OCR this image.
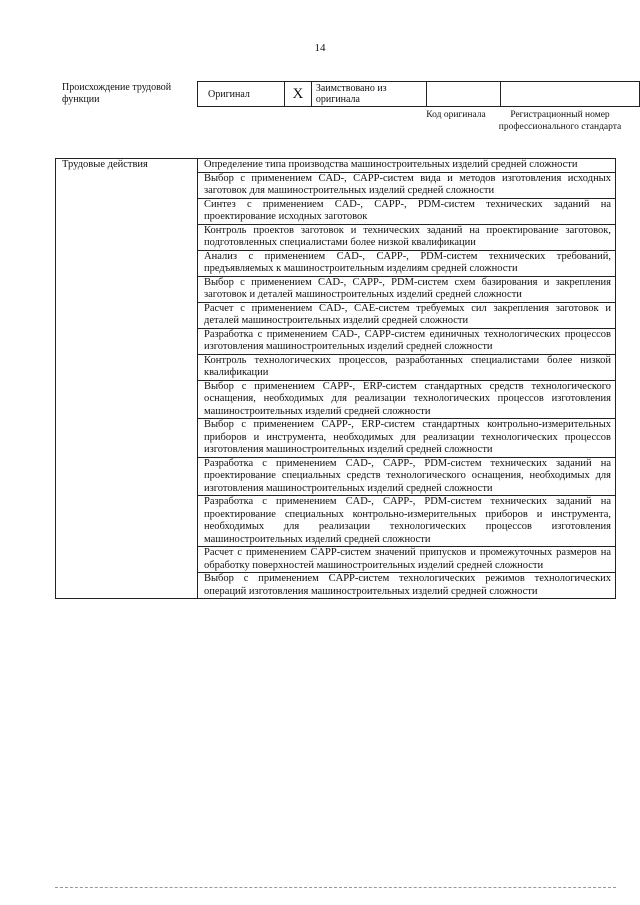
14
Происхождение трудовой функции	Оригинал	X	Заимствовано из оригинала		
Код оригинала	Регистрационный номер профессионального стандарта
Трудовые действия	Определение типа производства машиностроительных изделий средней сложности
Выбор с применением CAD-, CAPP-систем вида и методов изготовления исходных заготовок для машиностроительных изделий средней сложности
Синтез с применением CAD-, CAPP-, PDM-систем технических заданий на проектирование исходных заготовок
Контроль проектов заготовок и технических заданий на проектирование заготовок, подготовленных специалистами более низкой квалификации
Анализ с применением CAD-, CAPP-, PDM-систем технических требований, предъявляемых к машиностроительным изделиям средней сложности
Выбор с применением CAD-, CAPP-, PDM-систем схем базирования и закрепления заготовок и деталей машиностроительных изделий средней сложности
Расчет с применением CAD-, CAE-систем требуемых сил закрепления заготовок и деталей машиностроительных изделий средней сложности
Разработка с применением CAD-, CAPP-систем единичных технологических процессов изготовления машиностроительных изделий средней сложности
Контроль технологических процессов, разработанных специалистами более низкой квалификации
Выбор с применением CAPP-, ERP-систем стандартных средств технологического оснащения, необходимых для реализации технологических процессов изготовления машиностроительных изделий средней сложности
Выбор с применением CAPP-, ERP-систем стандартных контрольно-измерительных приборов и инструмента, необходимых для реализации технологических процессов изготовления машиностроительных изделий средней сложности
Разработка с применением CAD-, CAPP-, PDM-систем технических заданий на проектирование специальных средств технологического оснащения, необходимых для изготовления машиностроительных изделий средней сложности
Разработка с применением CAD-, CAPP-, PDM-систем технических заданий на проектирование специальных контрольно-измерительных приборов и инструмента, необходимых для реализации технологических процессов изготовления машиностроительных изделий средней сложности
Расчет с применением CAPP-систем значений припусков и промежуточных размеров на обработку поверхностей машиностроительных изделий средней сложности
Выбор с применением CAPP-систем технологических режимов технологических операций изготовления машиностроительных изделий средней сложности
